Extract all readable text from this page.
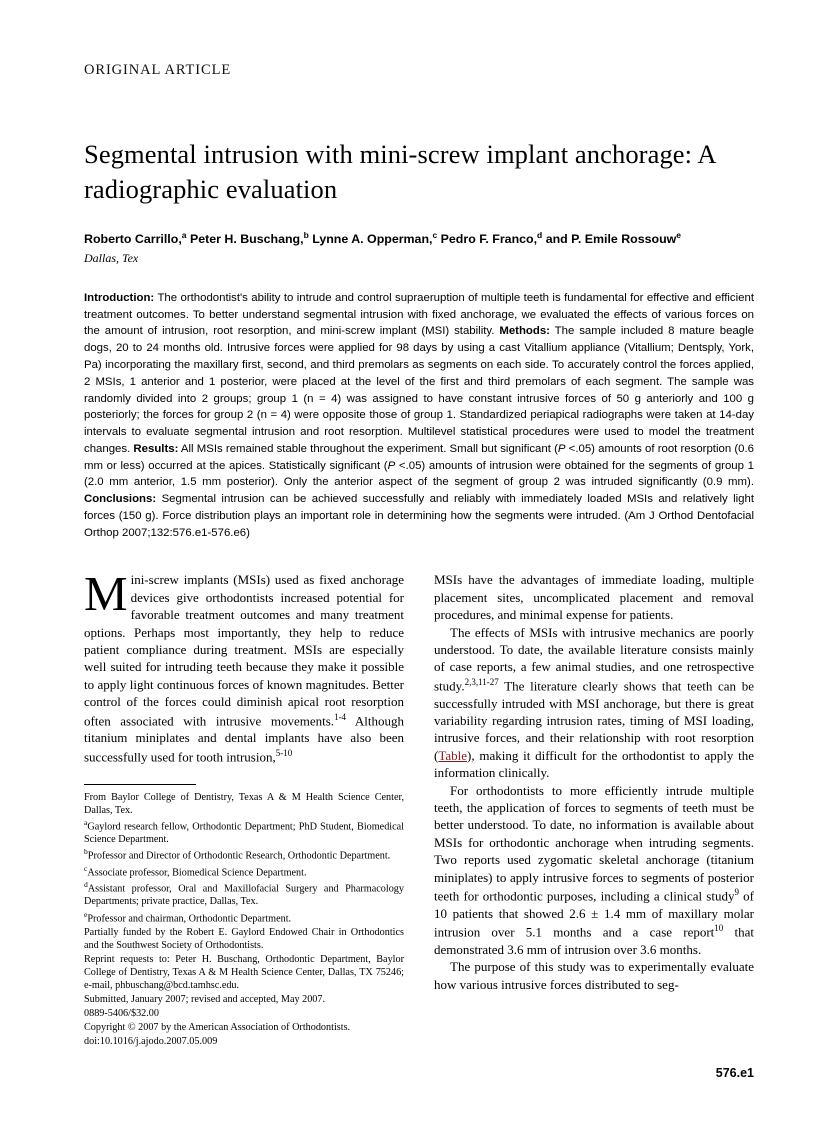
ORIGINAL ARTICLE
Segmental intrusion with mini-screw implant anchorage: A radiographic evaluation
Roberto Carrillo,$^a$ Peter H. Buschang,$^b$ Lynne A. Opperman,$^c$ Pedro F. Franco,$^d$ and P. Emile Rossouw$^e$
Dallas, Tex
Introduction: The orthodontist's ability to intrude and control supraeruption of multiple teeth is fundamental for effective and efficient treatment outcomes. To better understand segmental intrusion with fixed anchorage, we evaluated the effects of various forces on the amount of intrusion, root resorption, and mini-screw implant (MSI) stability. Methods: The sample included 8 mature beagle dogs, 20 to 24 months old. Intrusive forces were applied for 98 days by using a cast Vitallium appliance (Vitallium; Dentsply, York, Pa) incorporating the maxillary first, second, and third premolars as segments on each side. To accurately control the forces applied, 2 MSIs, 1 anterior and 1 posterior, were placed at the level of the first and third premolars of each segment. The sample was randomly divided into 2 groups; group 1 (n = 4) was assigned to have constant intrusive forces of 50 g anteriorly and 100 g posteriorly; the forces for group 2 (n = 4) were opposite those of group 1. Standardized periapical radiographs were taken at 14-day intervals to evaluate segmental intrusion and root resorption. Multilevel statistical procedures were used to model the treatment changes. Results: All MSIs remained stable throughout the experiment. Small but significant (P <.05) amounts of root resorption (0.6 mm or less) occurred at the apices. Statistically significant (P <.05) amounts of intrusion were obtained for the segments of group 1 (2.0 mm anterior, 1.5 mm posterior). Only the anterior aspect of the segment of group 2 was intruded significantly (0.9 mm). Conclusions: Segmental intrusion can be achieved successfully and reliably with immediately loaded MSIs and relatively light forces (150 g). Force distribution plays an important role in determining how the segments were intruded. (Am J Orthod Dentofacial Orthop 2007;132:576.e1-576.e6)

Mini-screw implants (MSIs) used as fixed anchorage devices give orthodontists increased potential for favorable treatment outcomes and many treatment options. Perhaps most importantly, they help to reduce patient compliance during treatment. MSIs are especially well suited for intruding teeth because they make it possible to apply light continuous forces of known magnitudes. Better control of the forces could diminish apical root resorption often associated with intrusive movements.$^{1-4}$ Although titanium miniplates and dental implants have also been successfully used for tooth intrusion,$^{5-10}$

From Baylor College of Dentistry, Texas A & M Health Science Center, Dallas, Tex.

$^a$Gaylord research fellow, Orthodontic Department; PhD Student, Biomedical Science Department.

$^b$Professor and Director of Orthodontic Research, Orthodontic Department.

$^c$Associate professor, Biomedical Science Department.

$^d$Assistant professor, Oral and Maxillofacial Surgery and Pharmacology Departments; private practice, Dallas, Tex.

$^e$Professor and chairman, Orthodontic Department.

Partially funded by the Robert E. Gaylord Endowed Chair in Orthodontics and the Southwest Society of Orthodontists.

Reprint requests to: Peter H. Buschang, Orthodontic Department, Baylor College of Dentistry, Texas A & M Health Science Center, Dallas, TX 75246; e-mail, phbuschang@bcd.tamhsc.edu.

Submitted, January 2007; revised and accepted, May 2007.

0889-5406/$32.00

Copyright © 2007 by the American Association of Orthodontists.

doi:10.1016/j.ajodo.2007.05.009

MSIs have the advantages of immediate loading, multiple placement sites, uncomplicated placement and removal procedures, and minimal expense for patients.

The effects of MSIs with intrusive mechanics are poorly understood. To date, the available literature consists mainly of case reports, a few animal studies, and one retrospective study.$^{2,3,11-27}$ The literature clearly shows that teeth can be successfully intruded with MSI anchorage, but there is great variability regarding intrusion rates, timing of MSI loading, intrusive forces, and their relationship with root resorption (Table), making it difficult for the orthodontist to apply the information clinically.

For orthodontists to more efficiently intrude multiple teeth, the application of forces to segments of teeth must be better understood. To date, no information is available about MSIs for orthodontic anchorage when intruding segments. Two reports used zygomatic skeletal anchorage (titanium miniplates) to apply intrusive forces to segments of posterior teeth for orthodontic purposes, including a clinical study$^9$ of 10 patients that showed 2.6 ± 1.4 mm of maxillary molar intrusion over 5.1 months and a case report$^{10}$ that demonstrated 3.6 mm of intrusion over 3.6 months.

The purpose of this study was to experimentally evaluate how various intrusive forces distributed to seg-

576.e1
